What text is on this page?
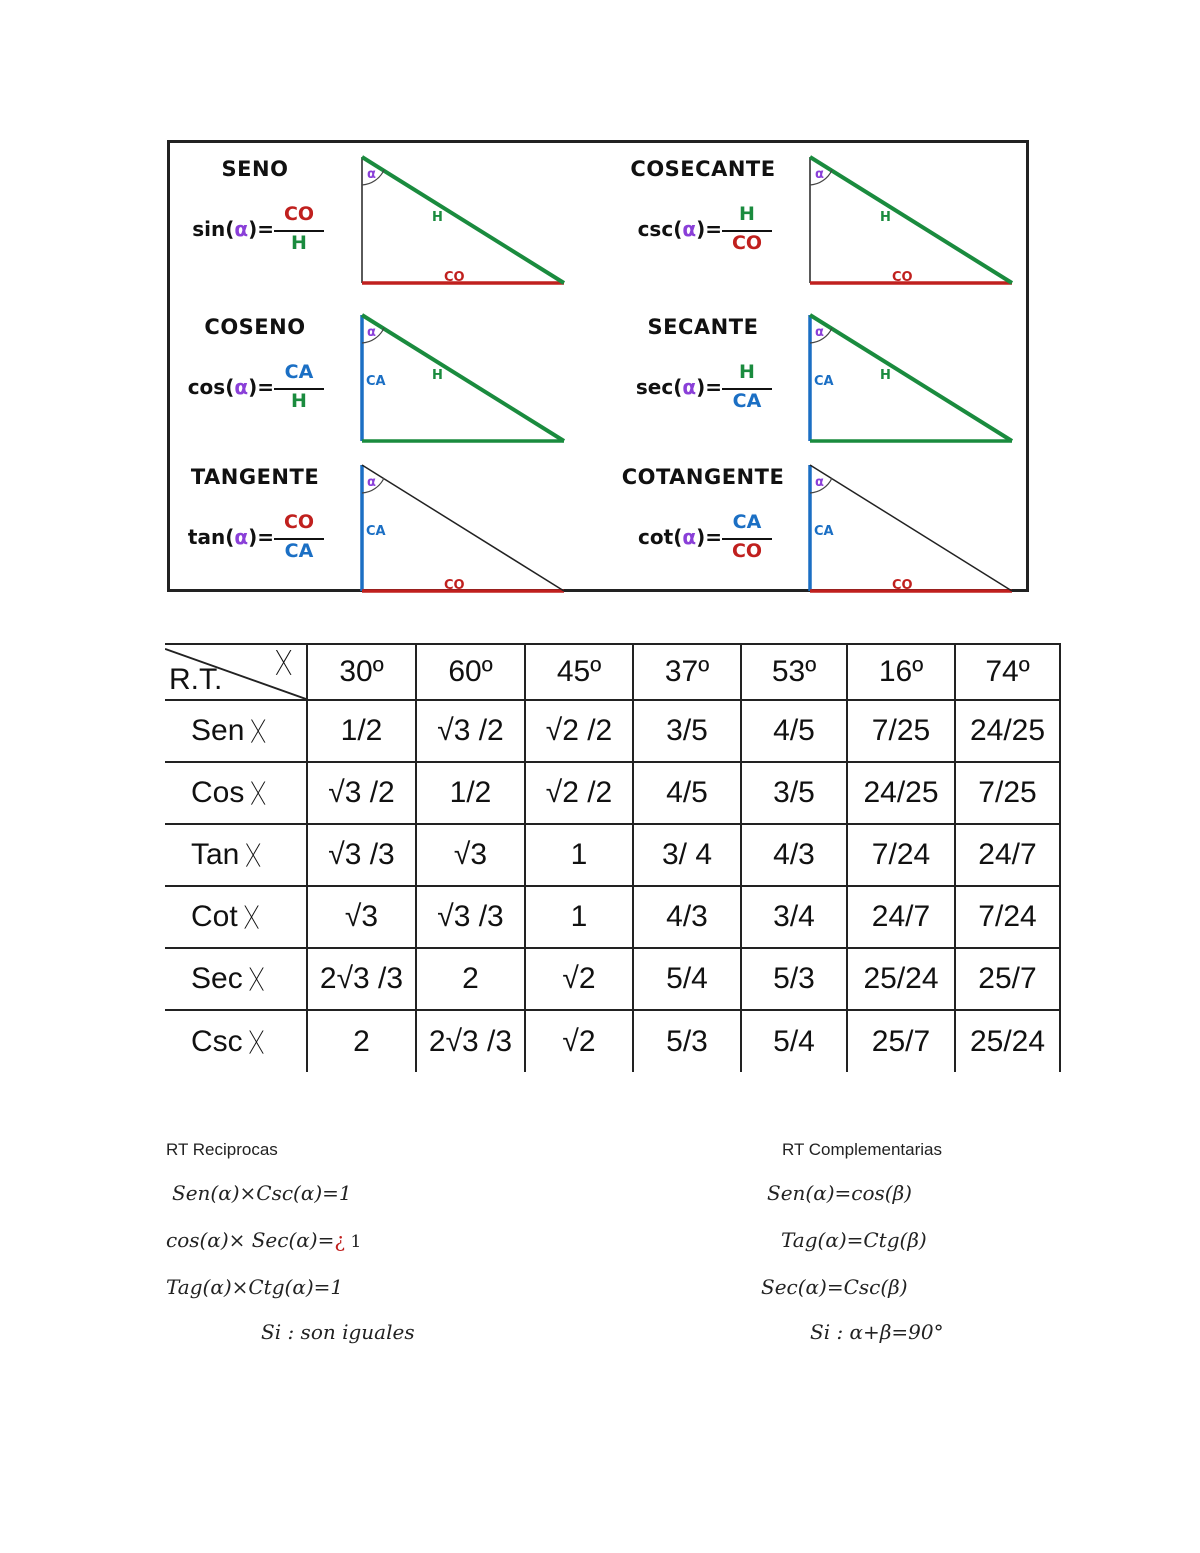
SENO
sin(α)=
CO
H
α
CO
H
COSECANTE
csc(α)=
H
CO
α
CO
H
COSENO
cos(α)=
CA
H
α
H
CA
SECANTE
sec(α)=
H
CA
α
H
CA
TANGENTE
tan(α)=
CO
CA
α
CO
CA
COTANGENTE
cot(α)=
CA
CO
α
CO
CA
R.T.
ᚷ	30º	60º	45º	37º	53º	16º	74º
Sen ᚷ	1/2	√3 /2	√2 /2	3/5	4/5	7/25	24/25
Cos ᚷ	√3 /2	1/2	√2 /2	4/5	3/5	24/25	7/25
Tan ᚷ	√3 /3	√3	1	3/ 4	4/3	7/24	24/7
Cot ᚷ	√3	√3 /3	1	4/3	3/4	24/7	7/24
Sec ᚷ	2√3 /3	2	√2	5/4	5/3	25/24	25/7
Csc ᚷ	2	2√3 /3	√2	5/3	5/4	25/7	25/24
RT Reciprocas
Sen(α)×Csc(α)=1
cos(α)× Sec(α)=¿ 1
Tag(α)×Ctg(α)=1
Si : son iguales
RT Complementarias
Sen(α)=cos(β)
Tag(α)=Ctg(β)
Sec(α)=Csc(β)
Si : α+β=90°
